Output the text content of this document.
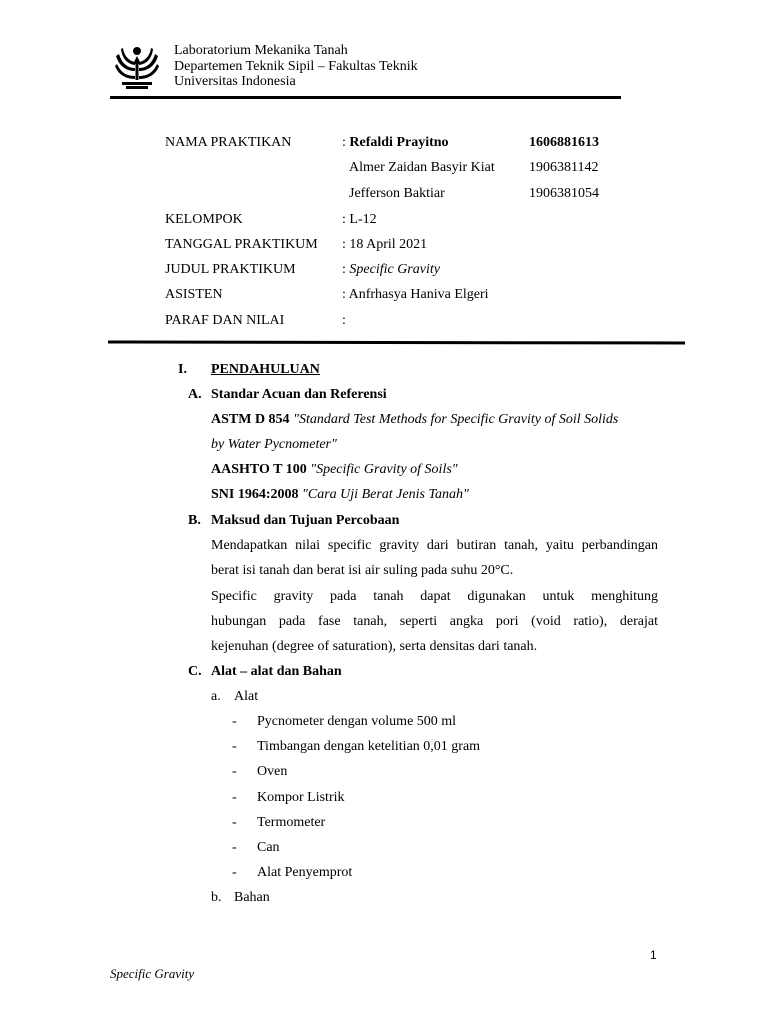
Laboratorium Mekanika Tanah
Departemen Teknik Sipil – Fakultas Teknik
Universitas Indonesia
NAMA PRAKTIKAN	: Refaldi Prayitno	1606881613
Almer Zaidan Basyir Kiat 1906381142
Jefferson Baktiar	1906381054
KELOMPOK	: L-12
TANGGAL PRAKTIKUM : 18 April 2021
JUDUL PRAKTIKUM	: Specific Gravity
ASISTEN	: Anfrhasya Haniva Elgeri
PARAF DAN NILAI	:
I. PENDAHULUAN
A. Standar Acuan dan Referensi
ASTM D 854 "Standard Test Methods for Specific Gravity of Soil Solids
by Water Pycnometer"
AASHTO T 100 "Specific Gravity of Soils"
SNI 1964:2008 "Cara Uji Berat Jenis Tanah"
B. Maksud dan Tujuan Percobaan
Mendapatkan nilai specific gravity dari butiran tanah, yaitu perbandingan
berat isi tanah dan berat isi air suling pada suhu 20°C.
Specific gravity pada tanah dapat digunakan untuk menghitung
hubungan pada fase tanah, seperti angka pori (void ratio), derajat
kejenuhan (degree of saturation), serta densitas dari tanah.
C. Alat – alat dan Bahan
a. Alat
- Pycnometer dengan volume 500 ml
- Timbangan dengan ketelitian 0,01 gram
- Oven
- Kompor Listrik
- Termometer
- Can
- Alat Penyemprot
b. Bahan
1
Specific Gravity
